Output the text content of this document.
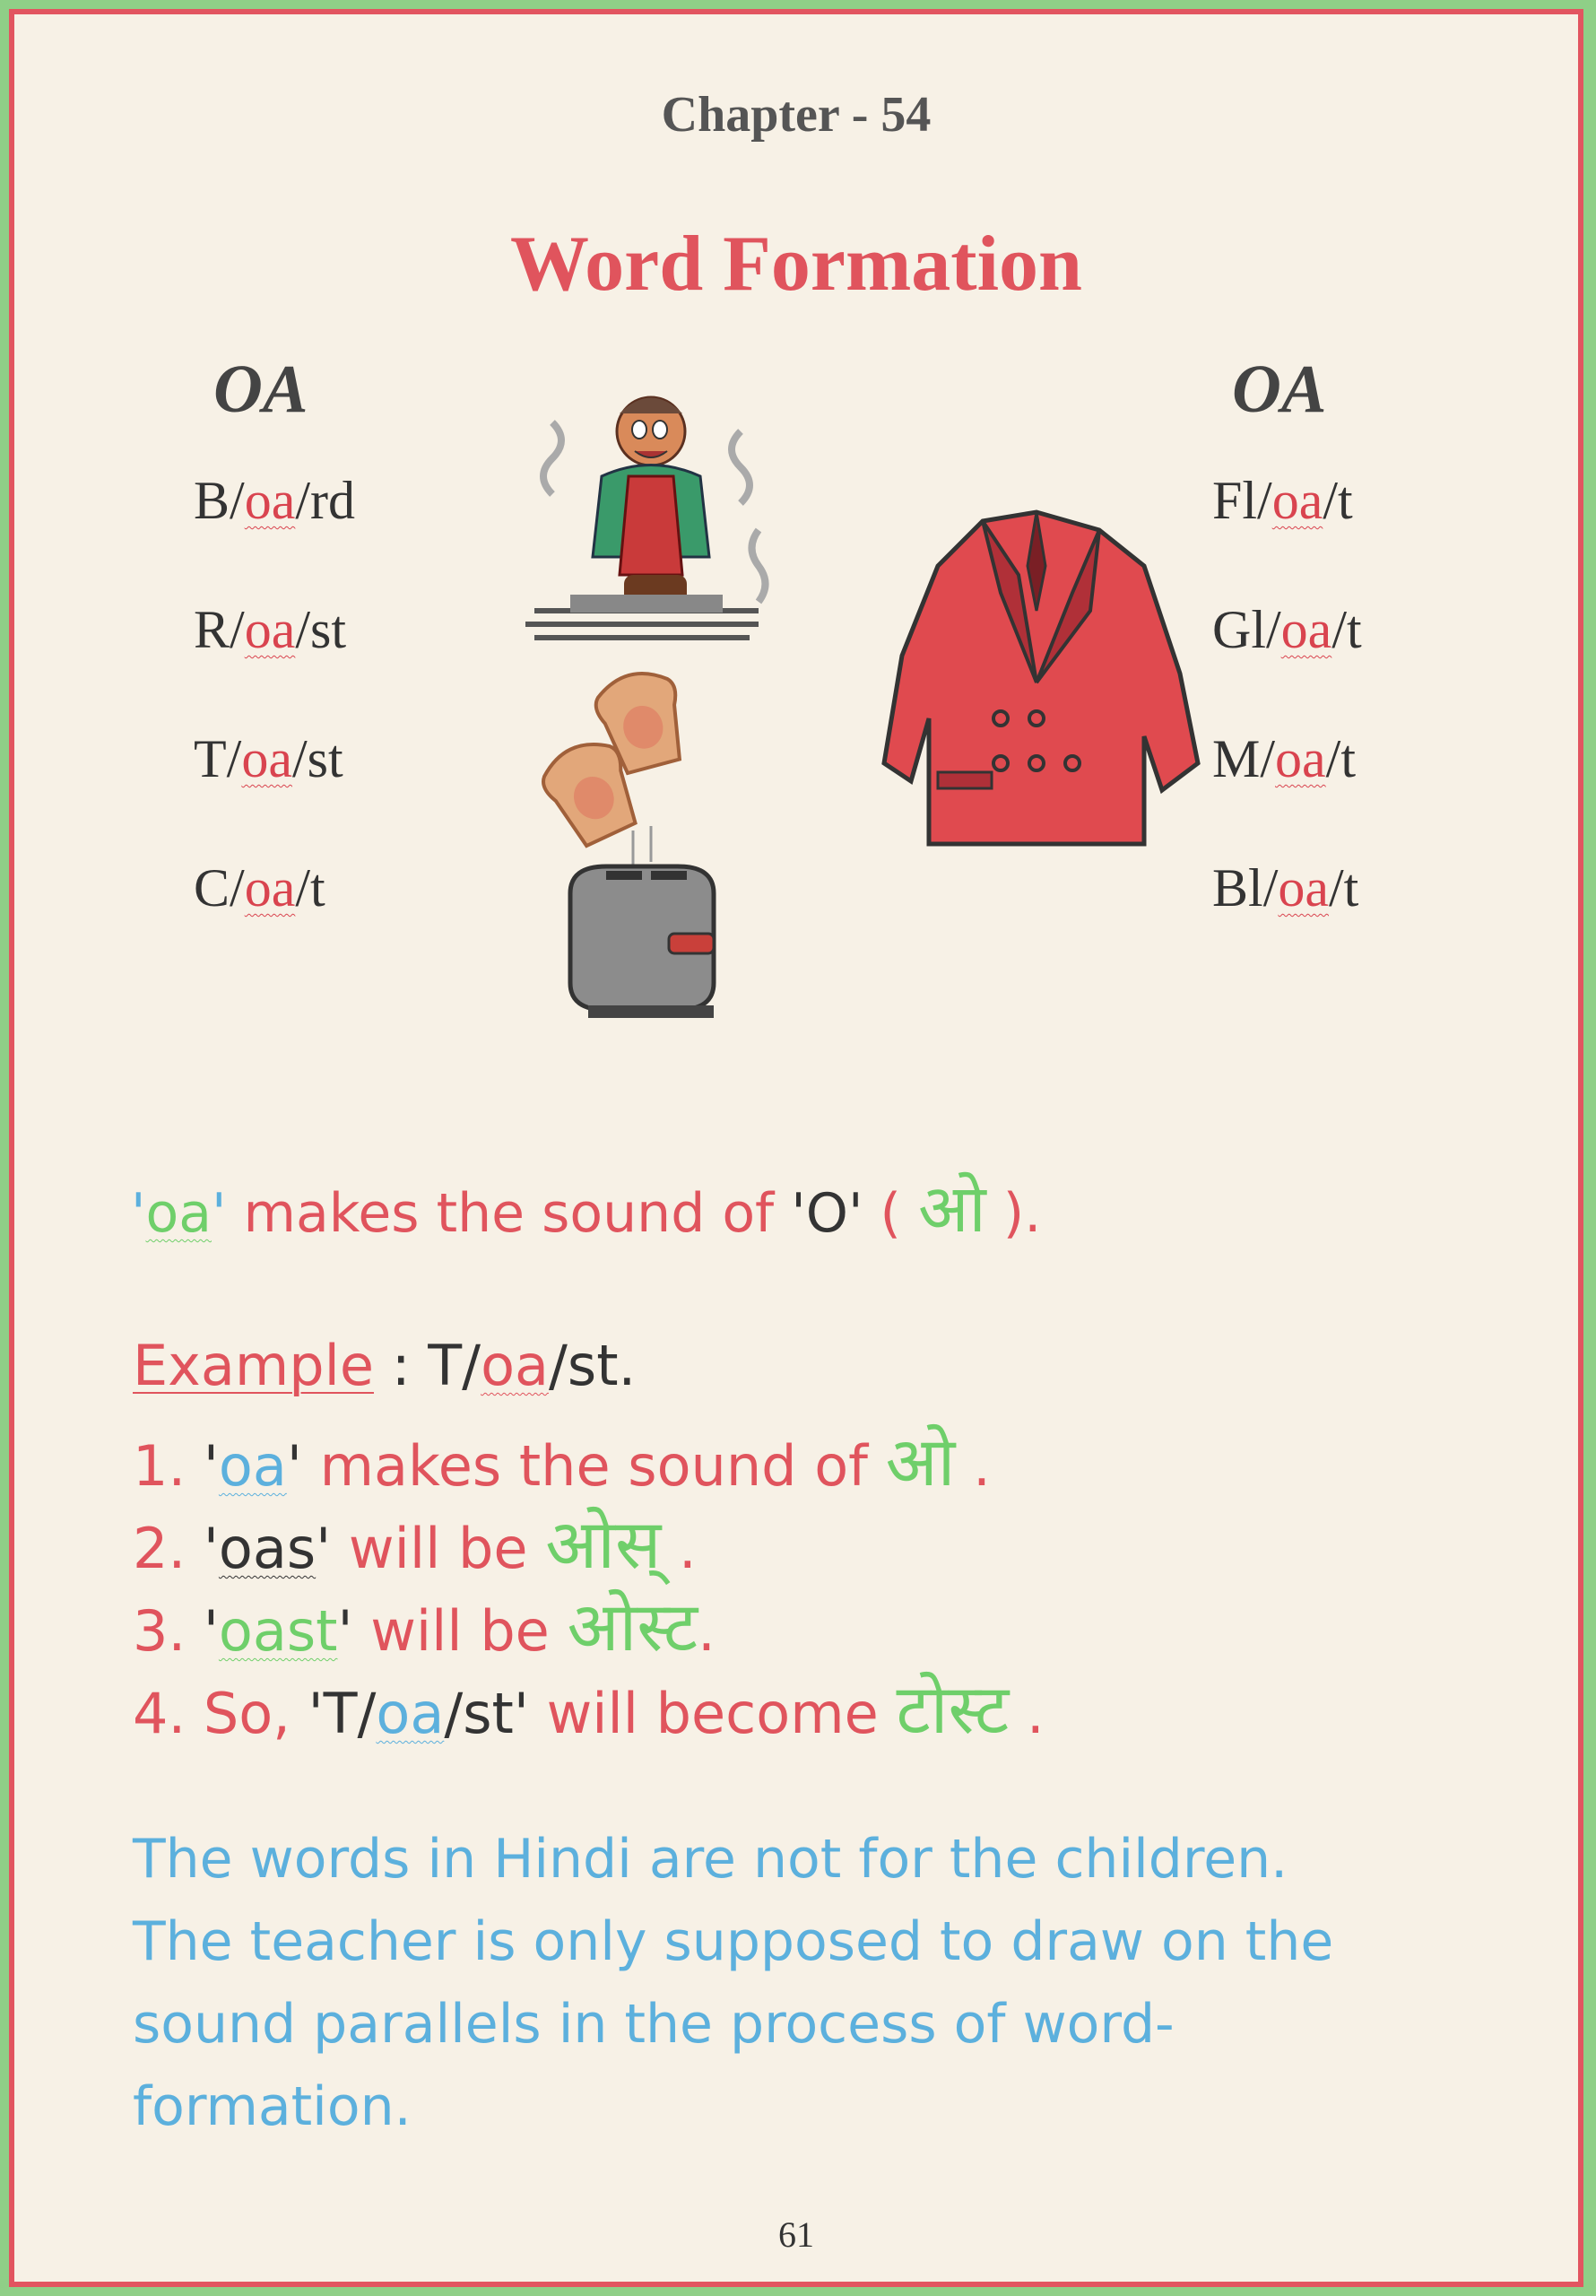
Chapter - 54
Word Formation
OA
B/oa/rd
R/oa/st
T/oa/st
C/oa/t
OA
Fl/oa/t
Gl/oa/t
M/oa/t
Bl/oa/t
'oa' makes the sound of 'O' ( ओ ).
Example : T/oa/st.
1. 'oa' makes the sound of ओ .
2. 'oas' will be ओस् .
3. 'oast' will be ओस्ट.
4. So, 'T/oa/st' will become टोस्ट .
The words in Hindi are not for the children.
The teacher is only supposed to draw on the
sound parallels in the process of word-
formation.
61
